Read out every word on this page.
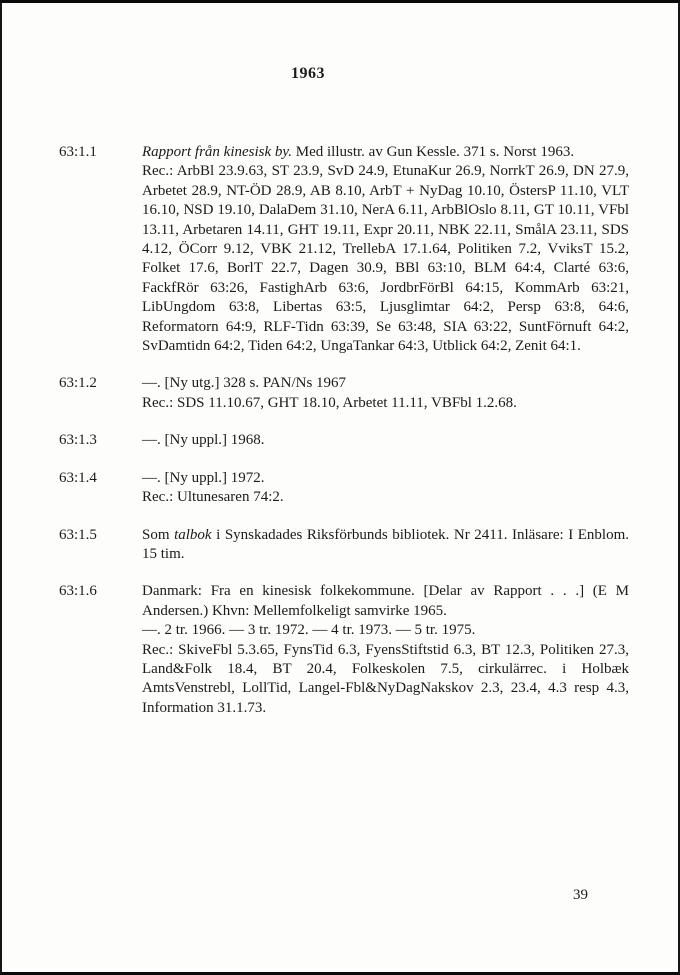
1963
63:1.1	Rapport från kinesisk by. Med illustr. av Gun Kessle. 371 s. Norst 1963.

Rec.: ArbBl 23.9.63, ST 23.9, SvD 24.9, EtunaKur 26.9, NorrkT 26.9, DN 27.9, Arbetet 28.9, NT-ÖD 28.9, AB 8.10, ArbT + NyDag 10.10, ÖstersP 11.10, VLT 16.10, NSD 19.10, DalaDem 31.10, NerA 6.11, ArbBlOslo 8.11, GT 10.11, VFbl 13.11, Arbetaren 14.11, GHT 19.11, Expr 20.11, NBK 22.11, SmålA 23.11, SDS 4.12, ÖCorr 9.12, VBK 21.12, TrellebA 17.1.64, Politiken 7.2, VviksT 15.2, Folket 17.6, BorlT 22.7, Dagen 30.9, BBl 63:10, BLM 64:4, Clarté 63:6, FackfRör 63:26, FastighArb 63:6, JordbrFörBl 64:15, KommArb 63:21, LibUngdom 63:8, Libertas 63:5, Ljusglimtar 64:2, Persp 63:8, 64:6, Reformatorn 64:9, RLF-Tidn 63:39, Se 63:48, SIA 63:22, SuntFörnuft 64:2, SvDamtidn 64:2, Tiden 64:2, UngaTankar 64:3, Utblick 64:2, Zenit 64:1.

63:1.2	—. [Ny utg.] 328 s. PAN/Ns 1967

Rec.: SDS 11.10.67, GHT 18.10, Arbetet 11.11, VBFbl 1.2.68.

63:1.3	—. [Ny uppl.] 1968.

63:1.4	—. [Ny uppl.] 1972.

Rec.: Ultunesaren 74:2.

63:1.5	Som talbok i Synskadades Riksförbunds bibliotek. Nr 2411. Inläsare: I Enblom. 15 tim.

63:1.6	Danmark: Fra en kinesisk folkekommune. [Delar av Rapport . . .] (E M Andersen.) Khvn: Mellemfolkeligt samvirke 1965.

—. 2 tr. 1966. — 3 tr. 1972. — 4 tr. 1973. — 5 tr. 1975.

Rec.: SkiveFbl 5.3.65, FynsTid 6.3, FyensStiftstid 6.3, BT 12.3, Politiken 27.3, Land&Folk 18.4, BT 20.4, Folkeskolen 7.5, cirkulärrec. i Holbæk AmtsVenstrebl, LollTid, Langel-Fbl&NyDagNakskov 2.3, 23.4, 4.3 resp 4.3, Information 31.1.73.

39
